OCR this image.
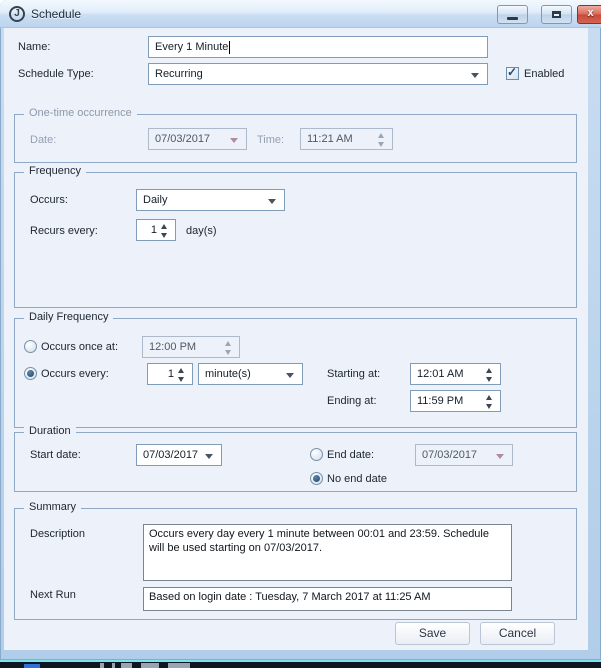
J Schedule	x
Name:	Every 1 Minute
Schedule Type:	Recurring	✓ Enabled
One-time occurrence
Date:	07/03/2017	Time: 11:21 AM
Frequency
Occurs:	Daily
Recurs every:	1	day(s)
Daily Frequency
Occurs once at:	12:00 PM
Occurs every:	1	minute(s)	Starting at:	12:01 AM
Ending at:	11:59 PM
Duration
Start date:	07/03/2017	End date:	07/03/2017
No end date
Summary
Description	Occurs every day every 1 minute between 00:01 and 23:59. Schedule will be used starting on 07/03/2017.
Next Run	Based on login date : Tuesday, 7 March 2017 at 11:25 AM
Save	Cancel
